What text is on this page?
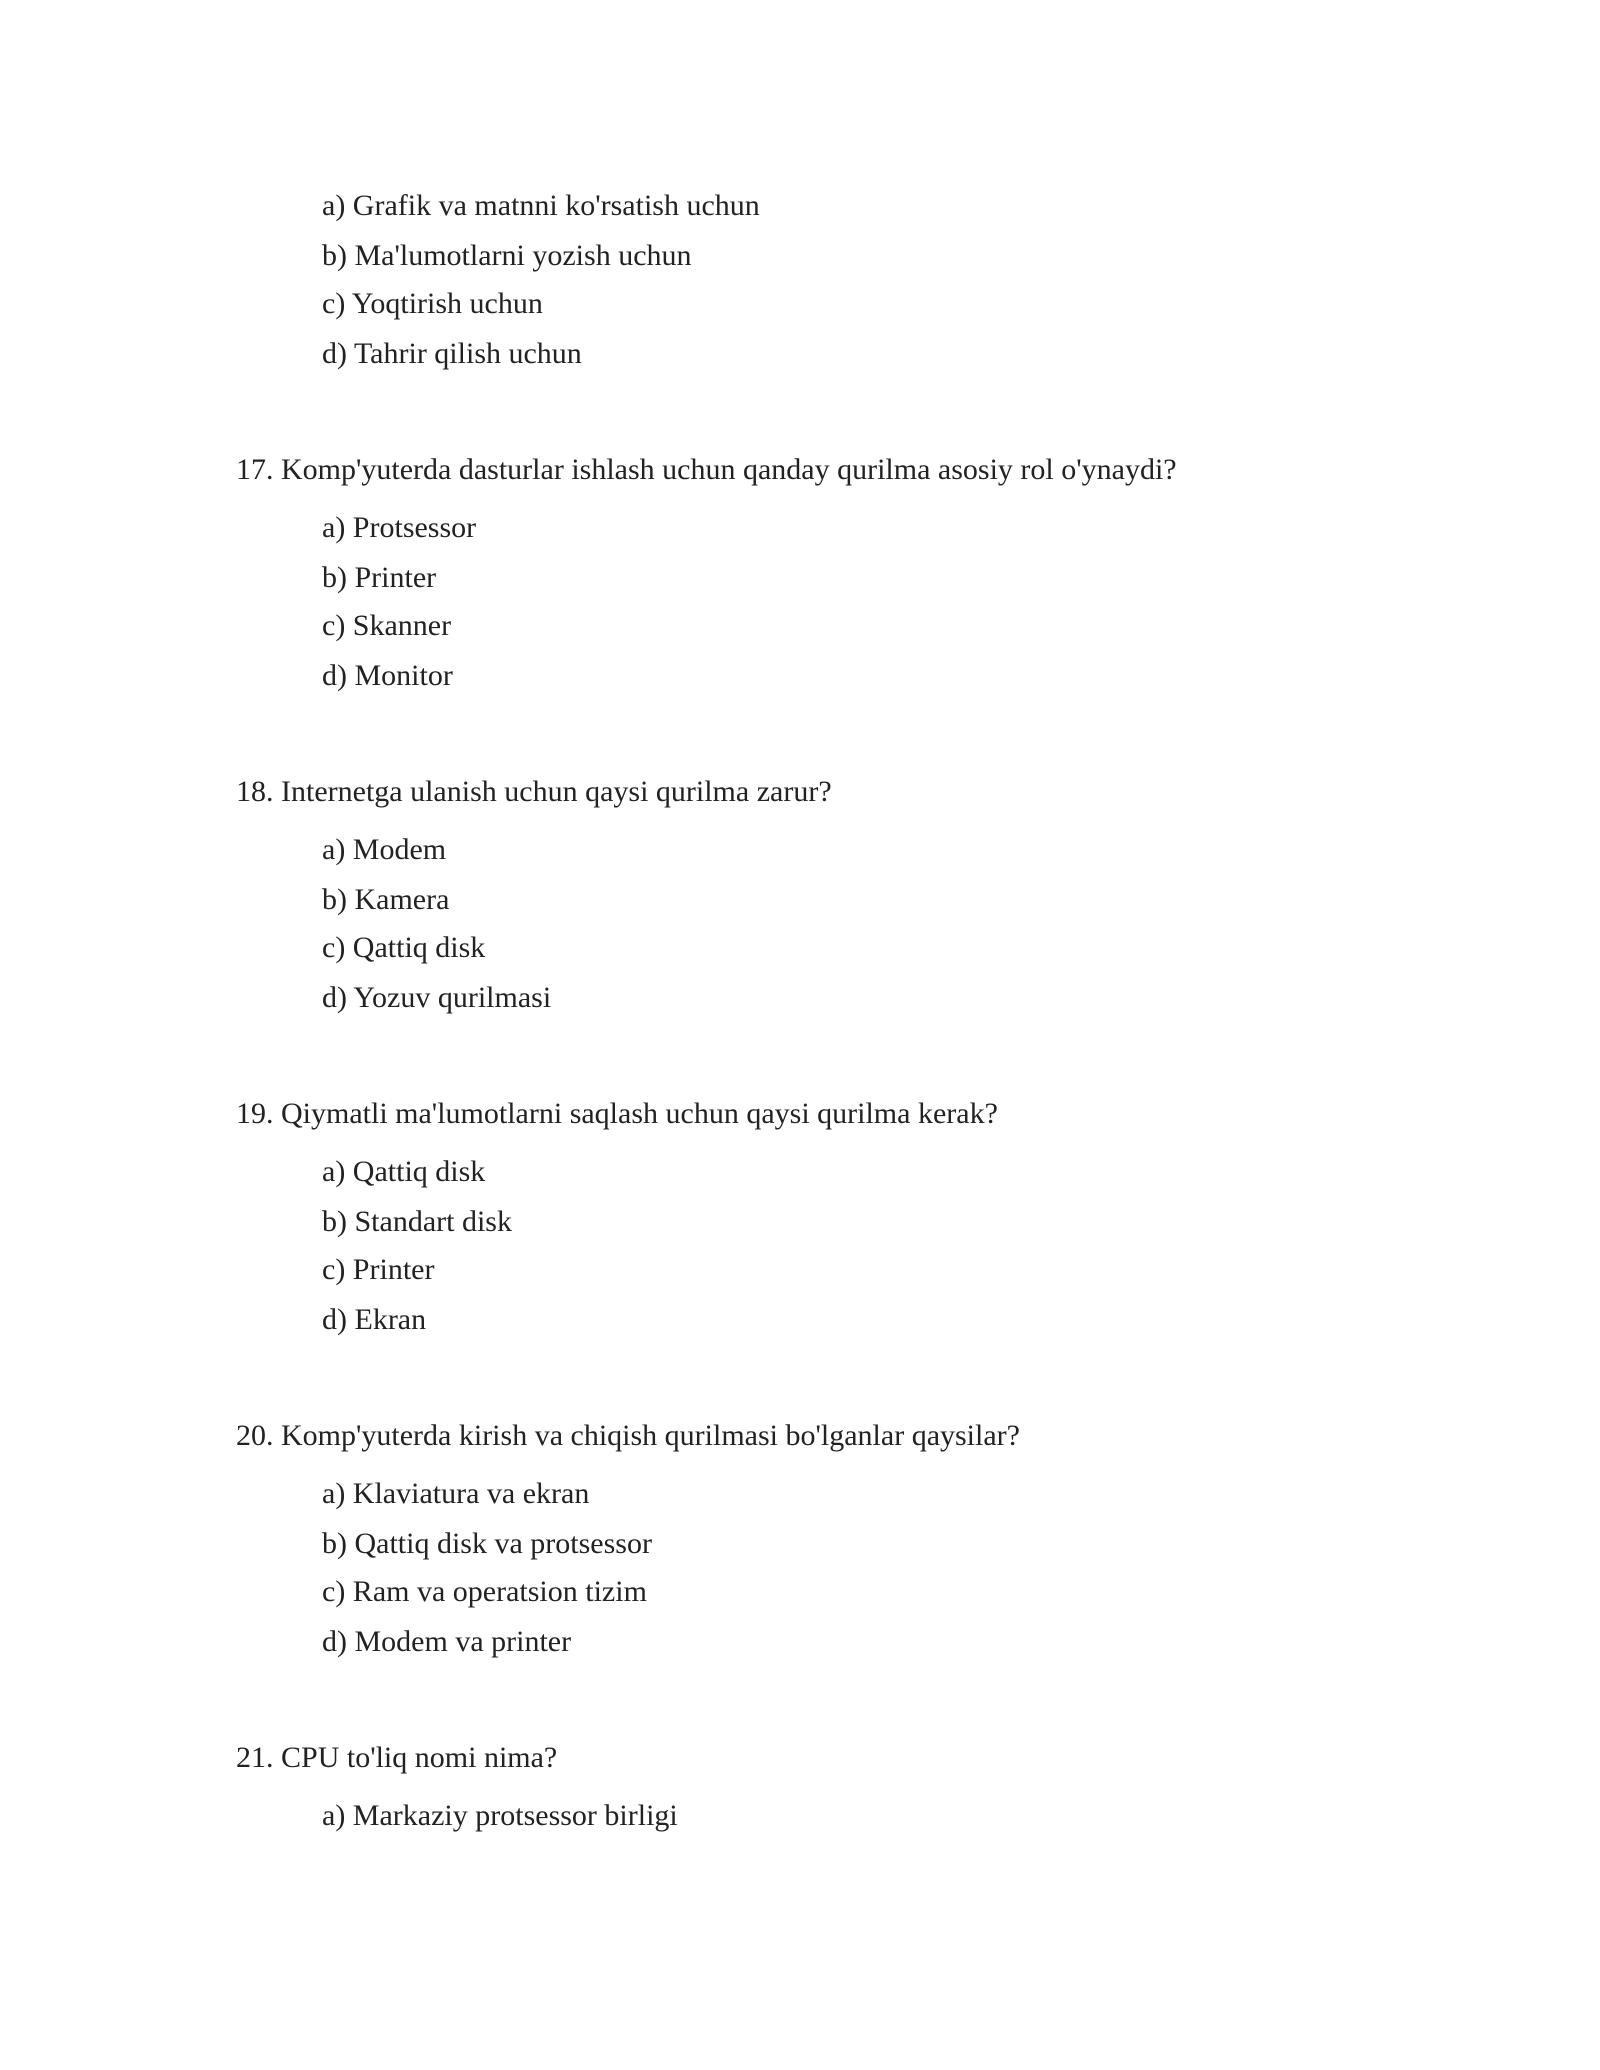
a) Grafik va matnni ko'rsatish uchun
b) Ma'lumotlarni yozish uchun
c) Yoqtirish uchun
d) Tahrir qilish uchun
17. Komp'yuterda dasturlar ishlash uchun qanday qurilma asosiy rol o'ynaydi?
a) Protsessor
b) Printer
c) Skanner
d) Monitor
18. Internetga ulanish uchun qaysi qurilma zarur?
a) Modem
b) Kamera
c) Qattiq disk
d) Yozuv qurilmasi
19. Qiymatli ma'lumotlarni saqlash uchun qaysi qurilma kerak?
a) Qattiq disk
b) Standart disk
c) Printer
d) Ekran
20. Komp'yuterda kirish va chiqish qurilmasi bo'lganlar qaysilar?
a) Klaviatura va ekran
b) Qattiq disk va protsessor
c) Ram va operatsion tizim
d) Modem va printer
21. CPU to'liq nomi nima?
a) Markaziy protsessor birligi
